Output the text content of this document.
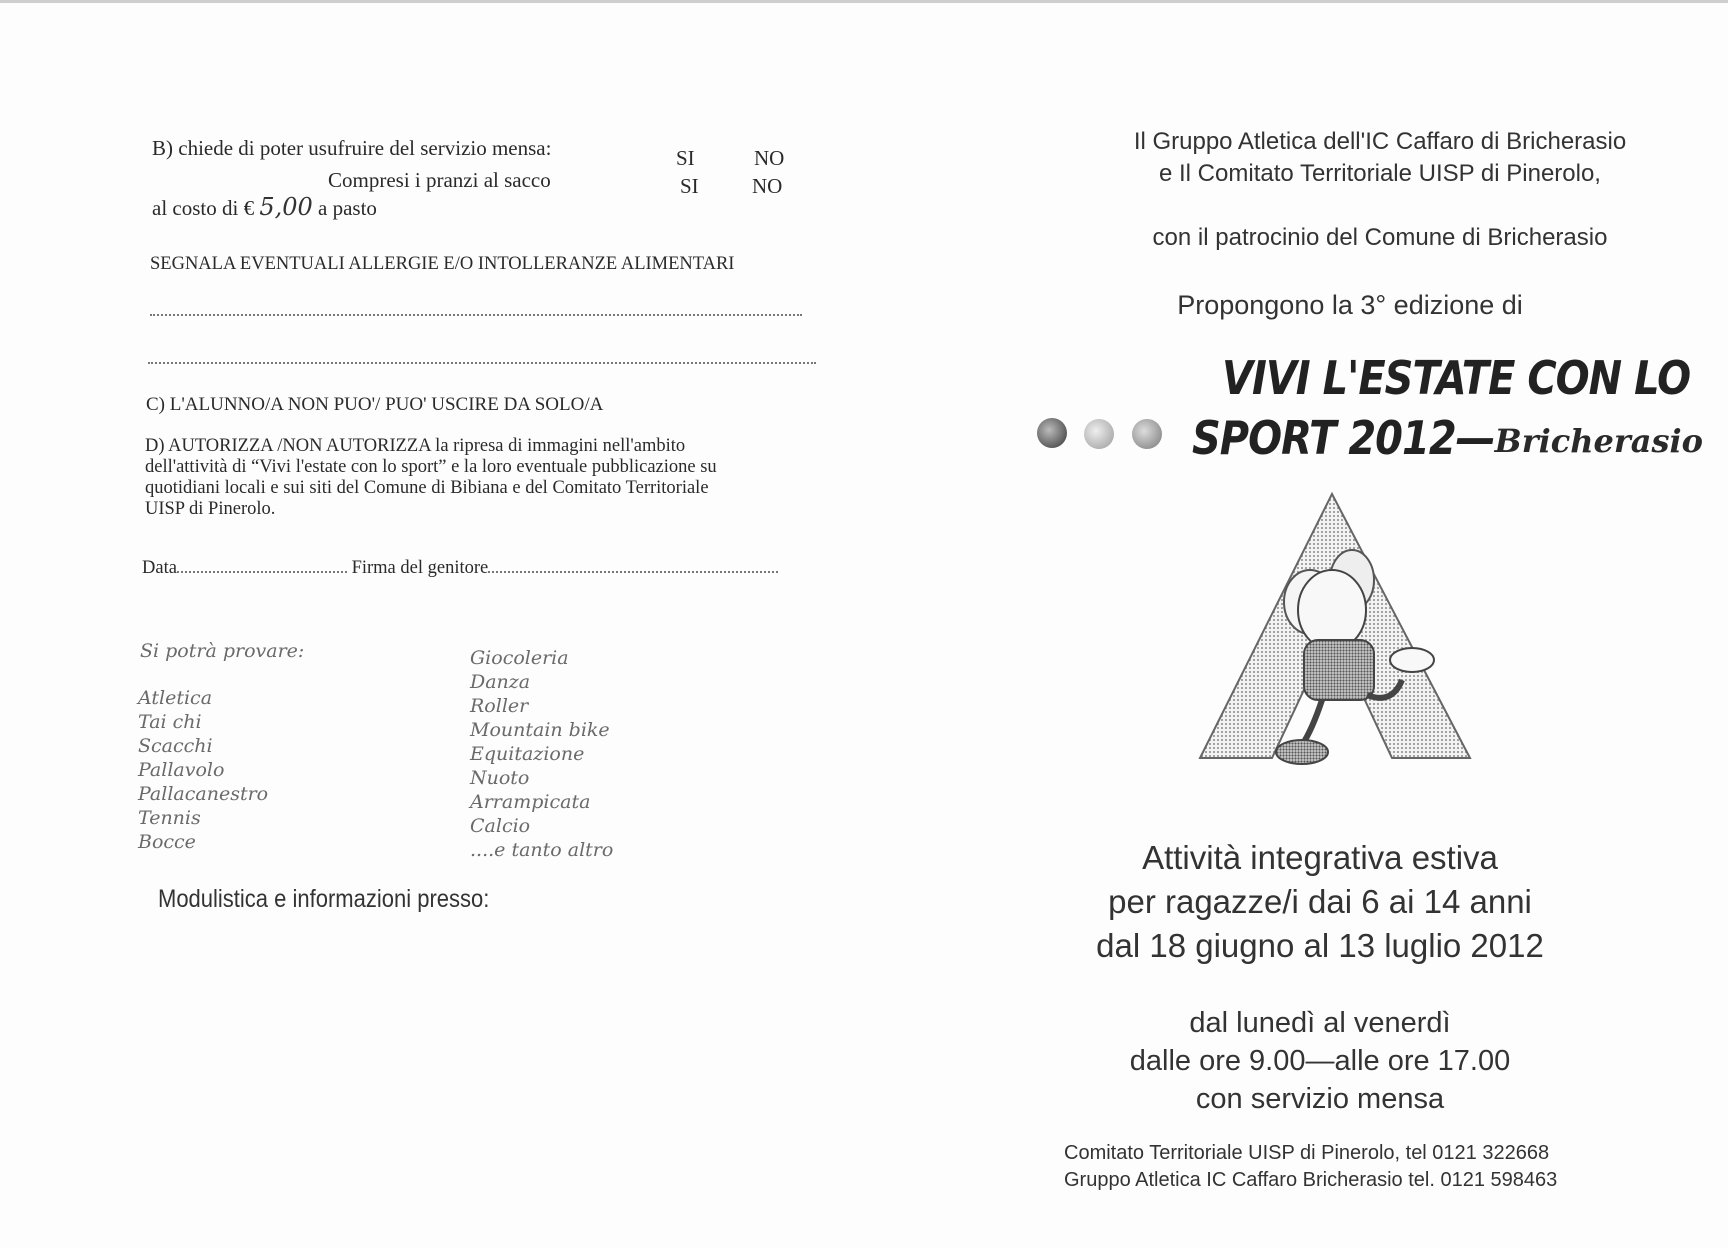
B) chiede di poter usufruire del servizio mensa:	SI	NO
Compresi i pranzi al sacco	SI	NO
al costo di € 5,00 a pasto
SEGNALA EVENTUALI ALLERGIE E/O INTOLLERANZE ALIMENTARI
C) L'ALUNNO/A NON PUO'/ PUO' USCIRE DA SOLO/A
D) AUTORIZZA /NON AUTORIZZA la ripresa di immagini nell'ambito
dell'attività di “Vivi l'estate con lo sport” e la loro eventuale pubblicazione su
quotidiani locali e sui siti del Comune di Bibiana e del Comitato Territoriale
UISP di Pinerolo.
Data	Firma del genitore
Si potrà provare:
Atletica
Tai chi
Scacchi
Pallavolo
Pallacanestro
Tennis
Bocce
Giocoleria
Danza
Roller
Mountain bike
Equitazione
Nuoto
Arrampicata
Calcio
....e tanto altro
Modulistica e informazioni presso:
Il Gruppo Atletica dell'IC Caffaro di Bricherasio
e Il Comitato Territoriale UISP di Pinerolo,
con il patrocinio del Comune di Bricherasio
Propongono la 3° edizione di
VIVI L'ESTATE CON LO
SPORT 2012—Bricherasio
Attività integrativa estiva
per ragazze/i dai 6 ai 14 anni
dal 18 giugno al 13 luglio 2012
dal lunedì al venerdì
dalle ore 9.00—alle ore 17.00
con servizio mensa
Comitato Territoriale UISP di Pinerolo, tel 0121 322668
Gruppo Atletica IC Caffaro Bricherasio tel. 0121 598463
